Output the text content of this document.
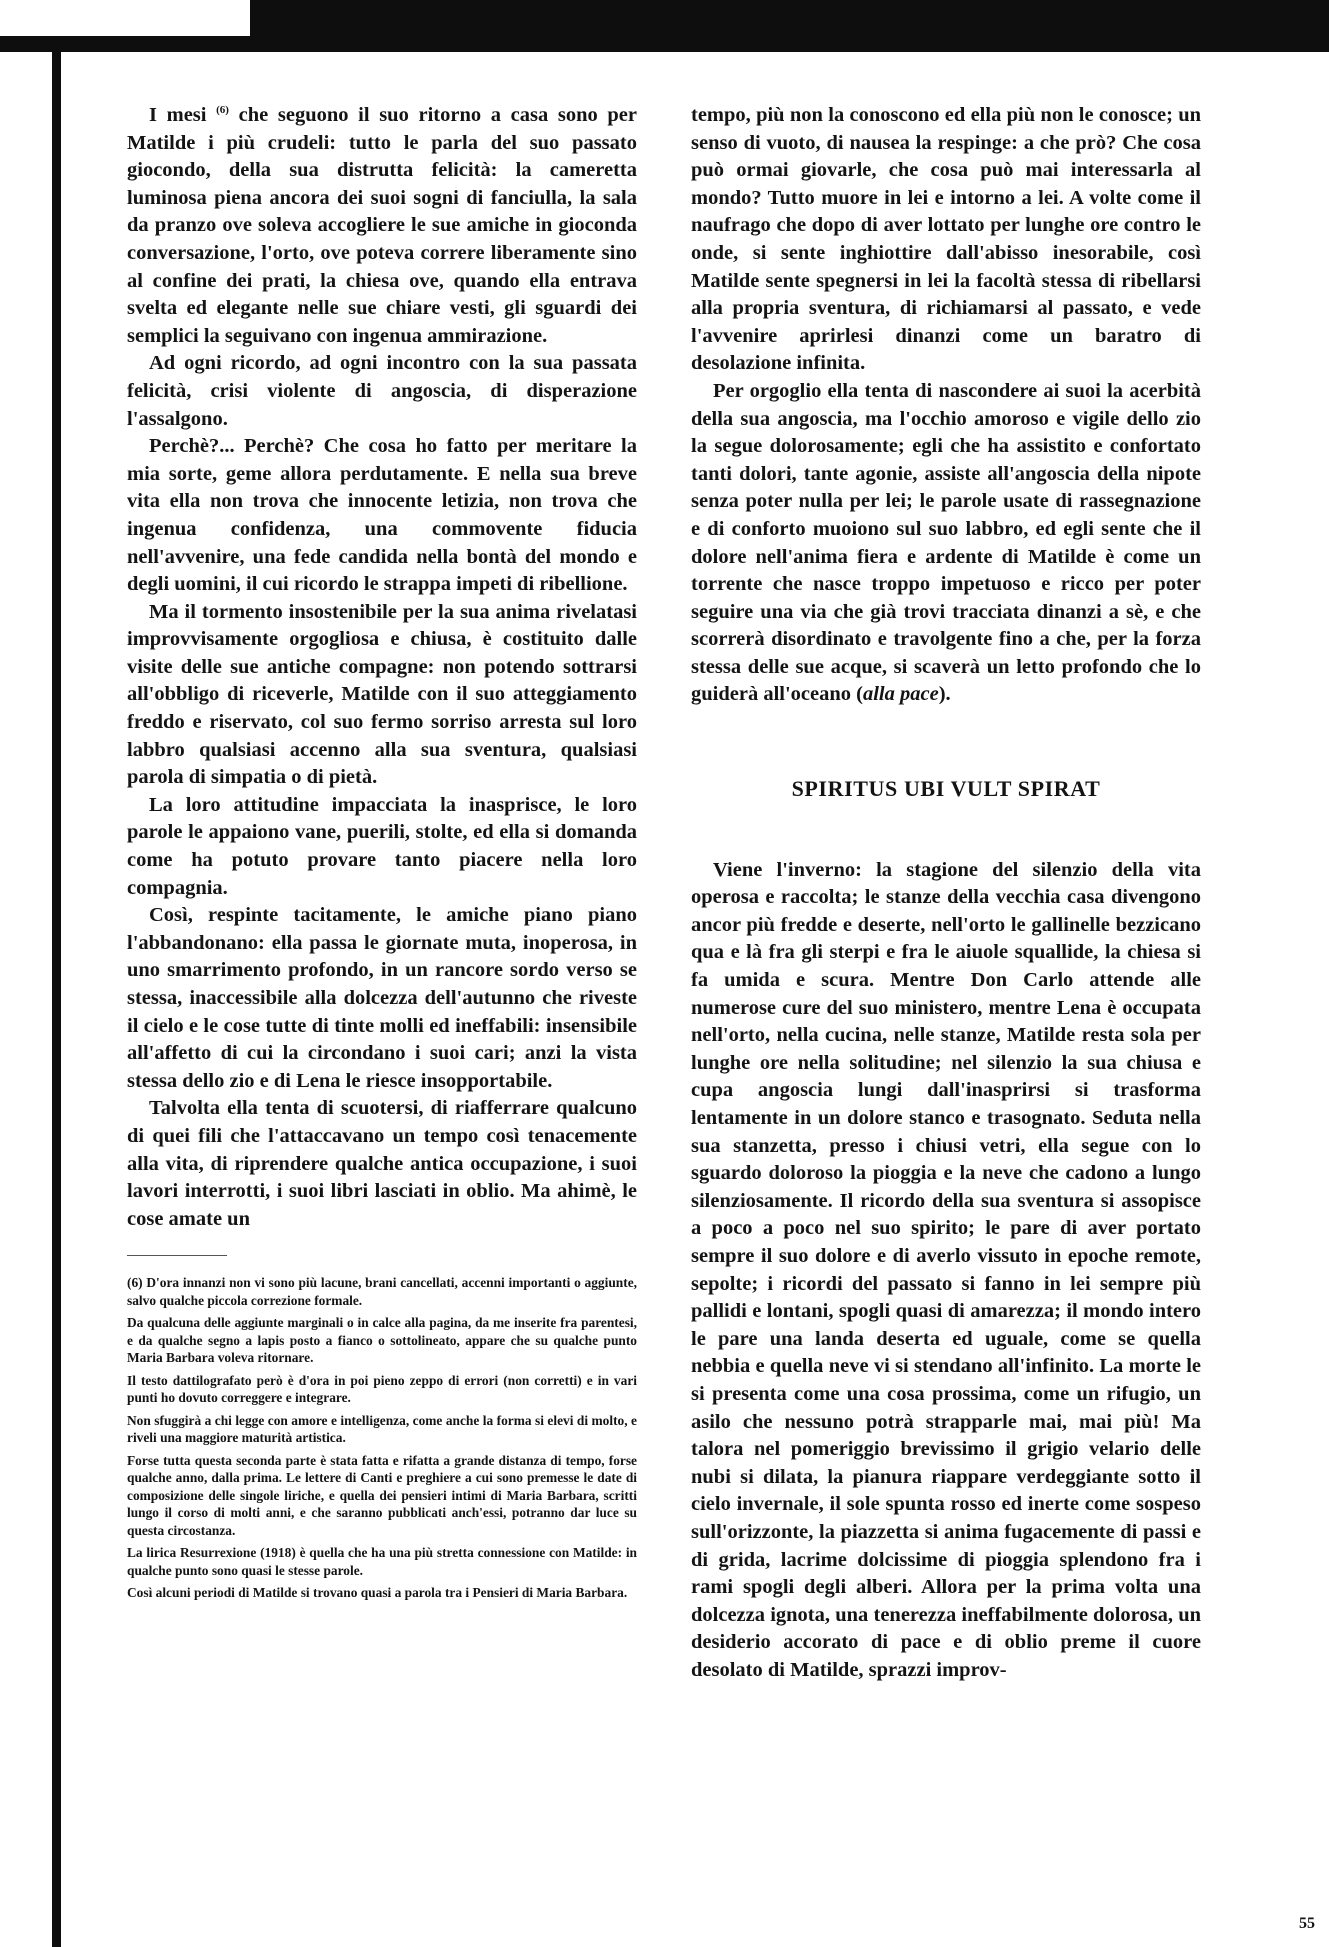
I mesi $^{(6)}$ che seguono il suo ritorno a casa sono per Matilde i più crudeli: tutto le parla del suo passato giocondo, della sua distrutta felicità: la cameretta luminosa piena ancora dei suoi sogni di fanciulla, la sala da pranzo ove soleva accogliere le sue amiche in gioconda conversazione, l'orto, ove poteva correre liberamente sino al confine dei prati, la chiesa ove, quando ella entrava svelta ed elegante nelle sue chiare vesti, gli sguardi dei semplici la seguivano con ingenua ammirazione.

Ad ogni ricordo, ad ogni incontro con la sua passata felicità, crisi violente di angoscia, di disperazione l'assalgono.

Perchè?... Perchè? Che cosa ho fatto per meritare la mia sorte, geme allora perdutamente. E nella sua breve vita ella non trova che innocente letizia, non trova che ingenua confidenza, una commovente fiducia nell'avvenire, una fede candida nella bontà del mondo e degli uomini, il cui ricordo le strappa impeti di ribellione.

Ma il tormento insostenibile per la sua anima rivelatasi improvvisamente orgogliosa e chiusa, è costituito dalle visite delle sue antiche compagne: non potendo sottrarsi all'obbligo di riceverle, Matilde con il suo atteggiamento freddo e riservato, col suo fermo sorriso arresta sul loro labbro qualsiasi accenno alla sua sventura, qualsiasi parola di simpatia o di pietà.

La loro attitudine impacciata la inasprisce, le loro parole le appaiono vane, puerili, stolte, ed ella si domanda come ha potuto provare tanto piacere nella loro compagnia.

Così, respinte tacitamente, le amiche piano piano l'abbandonano: ella passa le giornate muta, inoperosa, in uno smarrimento profondo, in un rancore sordo verso se stessa, inaccessibile alla dolcezza dell'autunno che riveste il cielo e le cose tutte di tinte molli ed ineffabili: insensibile all'affetto di cui la circondano i suoi cari; anzi la vista stessa dello zio e di Lena le riesce insopportabile.

Talvolta ella tenta di scuotersi, di riafferrare qualcuno di quei fili che l'attaccavano un tempo così tenacemente alla vita, di riprendere qualche antica occupazione, i suoi lavori interrotti, i suoi libri lasciati in oblio. Ma ahimè, le cose amate un

(6) D'ora innanzi non vi sono più lacune, brani cancellati, accenni importanti o aggiunte, salvo qualche piccola correzione formale.

Da qualcuna delle aggiunte marginali o in calce alla pagina, da me inserite fra parentesi, e da qualche segno a lapis posto a fianco o sottolineato, appare che su qualche punto Maria Barbara voleva ritornare.

Il testo dattilografato però è d'ora in poi pieno zeppo di errori (non corretti) e in vari punti ho dovuto correggere e integrare.

Non sfuggirà a chi legge con amore e intelligenza, come anche la forma si elevi di molto, e riveli una maggiore maturità artistica.

Forse tutta questa seconda parte è stata fatta e rifatta a grande distanza di tempo, forse qualche anno, dalla prima. Le lettere di Canti e preghiere a cui sono premesse le date di composizione delle singole liriche, e quella dei pensieri intimi di Maria Barbara, scritti lungo il corso di molti anni, e che saranno pubblicati anch'essi, potranno dar luce su questa circostanza.

La lirica Resurrexione (1918) è quella che ha una più stretta connessione con Matilde: in qualche punto sono quasi le stesse parole.

Così alcuni periodi di Matilde si trovano quasi a parola tra i Pensieri di Maria Barbara.

tempo, più non la conoscono ed ella più non le conosce; un senso di vuoto, di nausea la respinge: a che prò? Che cosa può ormai giovarle, che cosa può mai interessarla al mondo? Tutto muore in lei e intorno a lei. A volte come il naufrago che dopo di aver lottato per lunghe ore contro le onde, si sente inghiottire dall'abisso inesorabile, così Matilde sente spegnersi in lei la facoltà stessa di ribellarsi alla propria sventura, di richiamarsi al passato, e vede l'avvenire aprirlesi dinanzi come un baratro di desolazione infinita.

Per orgoglio ella tenta di nascondere ai suoi la acerbità della sua angoscia, ma l'occhio amoroso e vigile dello zio la segue dolorosamente; egli che ha assistito e confortato tanti dolori, tante agonie, assiste all'angoscia della nipote senza poter nulla per lei; le parole usate di rassegnazione e di conforto muoiono sul suo labbro, ed egli sente che il dolore nell'anima fiera e ardente di Matilde è come un torrente che nasce troppo impetuoso e ricco per poter seguire una via che già trovi tracciata dinanzi a sè, e che scorrerà disordinato e travolgente fino a che, per la forza stessa delle sue acque, si scaverà un letto profondo che lo guiderà all'oceano (alla pace).

SPIRITUS UBI VULT SPIRAT

Viene l'inverno: la stagione del silenzio della vita operosa e raccolta; le stanze della vecchia casa divengono ancor più fredde e deserte, nell'orto le gallinelle bezzicano qua e là fra gli sterpi e fra le aiuole squallide, la chiesa si fa umida e scura. Mentre Don Carlo attende alle numerose cure del suo ministero, mentre Lena è occupata nell'orto, nella cucina, nelle stanze, Matilde resta sola per lunghe ore nella solitudine; nel silenzio la sua chiusa e cupa angoscia lungi dall'inasprirsi si trasforma lentamente in un dolore stanco e trasognato. Seduta nella sua stanzetta, presso i chiusi vetri, ella segue con lo sguardo doloroso la pioggia e la neve che cadono a lungo silenziosamente. Il ricordo della sua sventura si assopisce a poco a poco nel suo spirito; le pare di aver portato sempre il suo dolore e di averlo vissuto in epoche remote, sepolte; i ricordi del passato si fanno in lei sempre più pallidi e lontani, spogli quasi di amarezza; il mondo intero le pare una landa deserta ed uguale, come se quella nebbia e quella neve vi si stendano all'infinito. La morte le si presenta come una cosa prossima, come un rifugio, un asilo che nessuno potrà strapparle mai, mai più! Ma talora nel pomeriggio brevissimo il grigio velario delle nubi si dilata, la pianura riappare verdeggiante sotto il cielo invernale, il sole spunta rosso ed inerte come sospeso sull'orizzonte, la piazzetta si anima fugacemente di passi e di grida, lacrime dolcissime di pioggia splendono fra i rami spogli degli alberi. Allora per la prima volta una dolcezza ignota, una tenerezza ineffabilmente dolorosa, un desiderio accorato di pace e di oblio preme il cuore desolato di Matilde, sprazzi improv-

55
